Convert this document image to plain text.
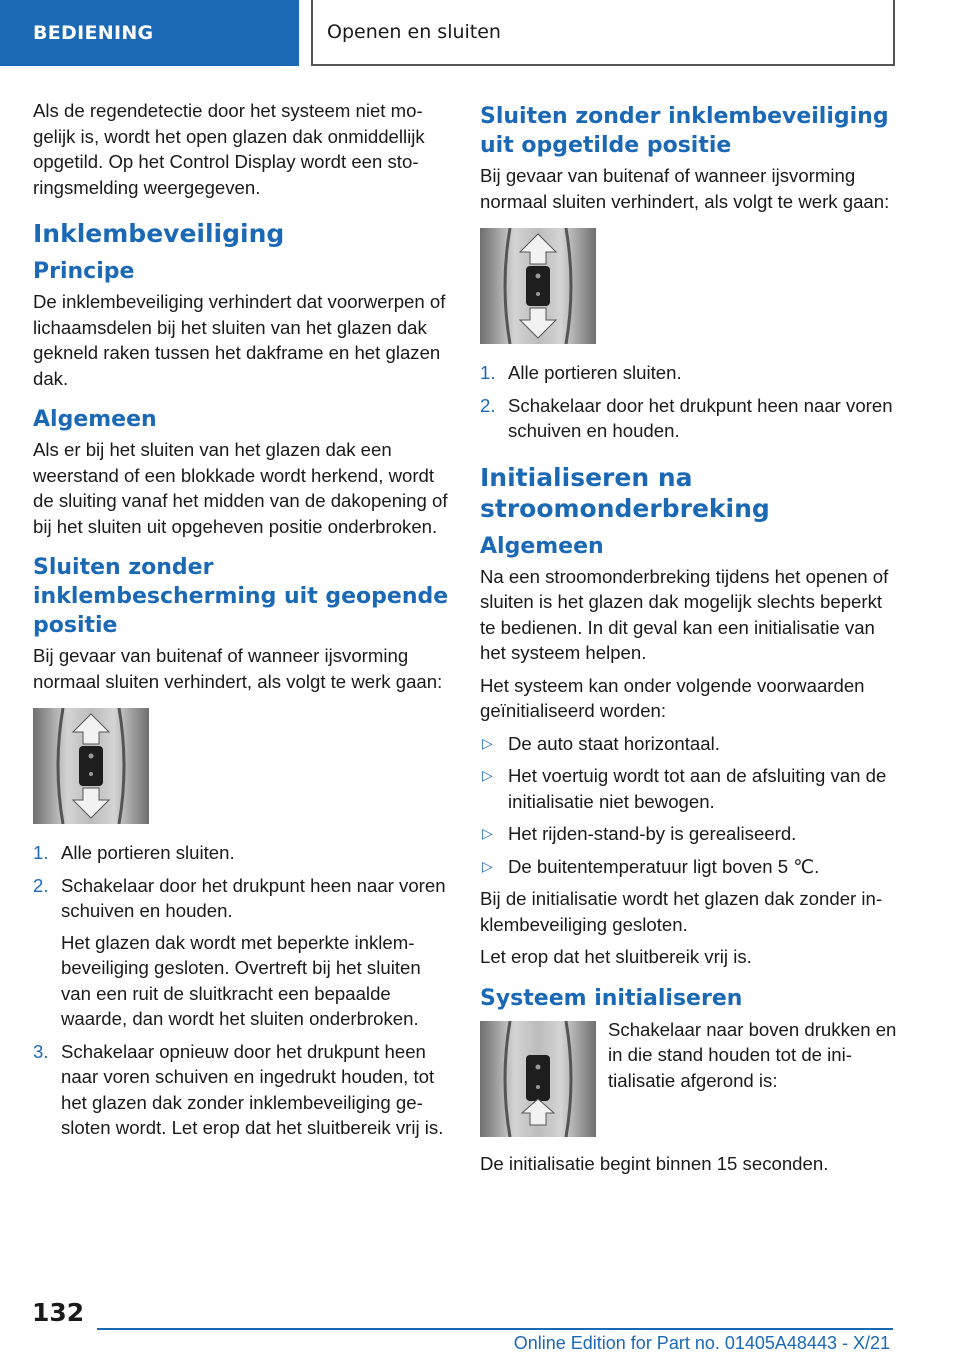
BEDIENING	Openen en sluiten

Als de regendetectie door het systeem niet mogelijk is, wordt het open glazen dak onmiddellijk opgetild. Op het Control Display wordt een storingsmelding weergegeven.

Inklembeveiliging
Principe

De inklembeveiliging verhindert dat voorwerpen of lichaamsdelen bij het sluiten van het glazen dak gekneld raken tussen het dakframe en het glazen dak.

Algemeen

Als er bij het sluiten van het glazen dak een weerstand of een blokkade wordt herkend, wordt de sluiting vanaf het midden van de dakopening of bij het sluiten uit opgeheven positie onderbroken.

Sluiten zonder inklembescherming uit geopende positie

Bij gevaar van buitenaf of wanneer ijsvorming normaal sluiten verhindert, als volgt te werk gaan:

1. Alle portieren sluiten.
2. Schakelaar door het drukpunt heen naar voren schuiven en houden.
Het glazen dak wordt met beperkte inklembeveiliging gesloten. Overtreft bij het sluiten van een ruit de sluitkracht een bepaalde waarde, dan wordt het sluiten onderbroken.
3. Schakelaar opnieuw door het drukpunt heen naar voren schuiven en ingedrukt houden, tot het glazen dak zonder inklembeveiliging gesloten wordt. Let erop dat het sluitbereik vrij is.
Sluiten zonder inklembeveiliging uit opgetilde positie

Bij gevaar van buitenaf of wanneer ijsvorming normaal sluiten verhindert, als volgt te werk gaan:

1. Alle portieren sluiten.
2. Schakelaar door het drukpunt heen naar voren schuiven en houden.
Initialiseren na stroomonderbreking
Algemeen

Na een stroomonderbreking tijdens het openen of sluiten is het glazen dak mogelijk slechts beperkt te bedienen. In dit geval kan een initialisatie van het systeem helpen.

Het systeem kan onder volgende voorwaarden geïnitialiseerd worden:

▷ De auto staat horizontaal.
▷ Het voertuig wordt tot aan de afsluiting van de initialisatie niet bewogen.
▷ Het rijden-stand-by is gerealiseerd.
▷ De buitentemperatuur ligt boven 5 ℃.

Bij de initialisatie wordt het glazen dak zonder inklembeveiliging gesloten.

Let erop dat het sluitbereik vrij is.

Systeem initialiseren

Schakelaar naar boven drukken en in die stand houden tot de initialisatie afgerond is:

De initialisatie begint binnen 15 seconden.

132
Online Edition for Part no. 01405A48443 - X/21
